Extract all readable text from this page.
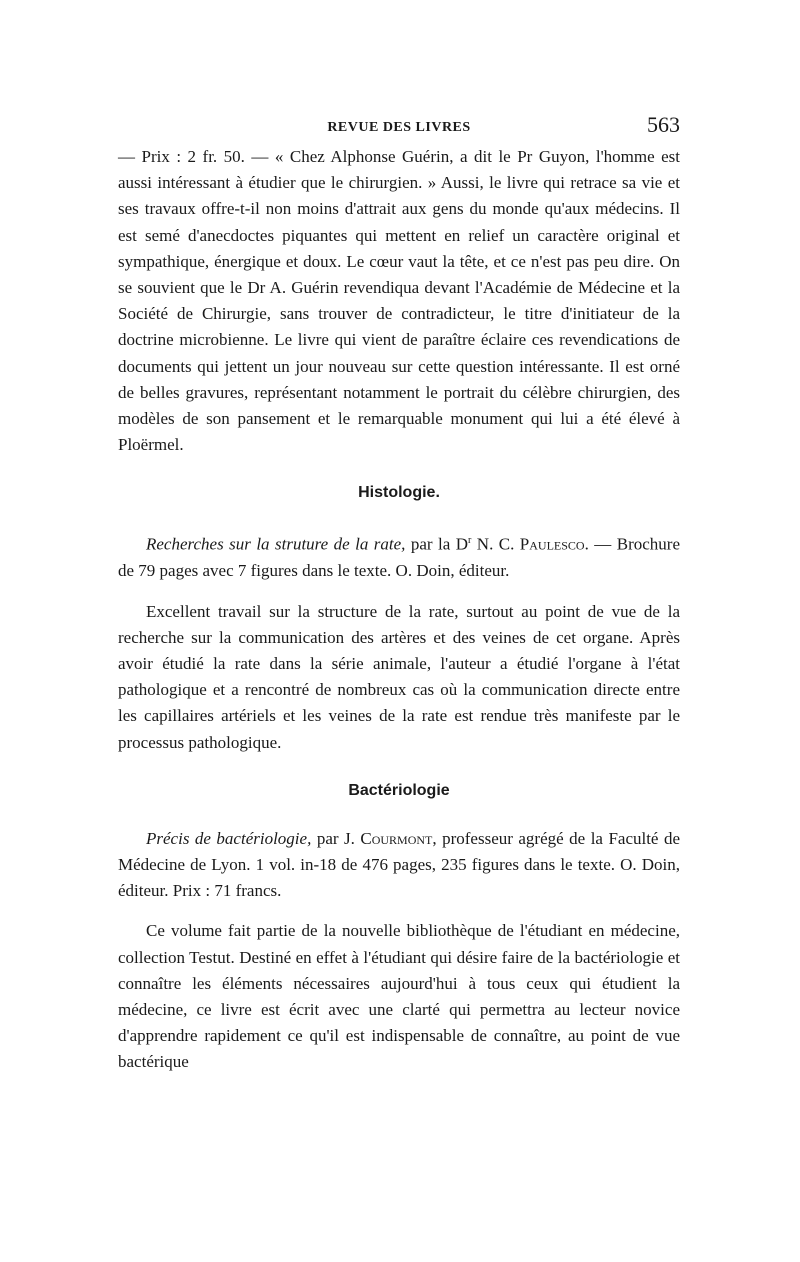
REVUE DES LIVRES	563

— Prix : 2 fr. 50. — « Chez Alphonse Guérin, a dit le Pr Guyon, l'homme est aussi intéressant à étudier que le chirurgien. » Aussi, le livre qui retrace sa vie et ses travaux offre-t-il non moins d'attrait aux gens du monde qu'aux médecins. Il est semé d'anecdoctes piquantes qui mettent en relief un caractère original et sympathique, énergique et doux. Le cœur vaut la tête, et ce n'est pas peu dire. On se souvient que le Dr A. Guérin revendiqua devant l'Académie de Médecine et la Société de Chirurgie, sans trouver de contradicteur, le titre d'initiateur de la doctrine microbienne. Le livre qui vient de paraître éclaire ces revendications de documents qui jettent un jour nouveau sur cette question intéressante. Il est orné de belles gravures, représentant notamment le portrait du célèbre chirurgien, des modèles de son pansement et le remarquable monument qui lui a été élevé à Ploërmel.

Histologie.

Recherches sur la struture de la rate, par la $D^r$ N. C. Paulesco. — Brochure de 79 pages avec 7 figures dans le texte. O. Doin, éditeur.

Excellent travail sur la structure de la rate, surtout au point de vue de la recherche sur la communication des artères et des veines de cet organe. Après avoir étudié la rate dans la série animale, l'auteur a étudié l'organe à l'état pathologique et a rencontré de nombreux cas où la communication directe entre les capillaires artériels et les veines de la rate est rendue très manifeste par le processus pathologique.

Bactériologie

Précis de bactériologie, par J. Courmont, professeur agrégé de la Faculté de Médecine de Lyon. 1 vol. in-18 de 476 pages, 235 figures dans le texte. O. Doin, éditeur. Prix : 71 francs.

Ce volume fait partie de la nouvelle bibliothèque de l'étudiant en médecine, collection Testut. Destiné en effet à l'étudiant qui désire faire de la bactériologie et connaître les éléments nécessaires aujourd'hui à tous ceux qui étudient la médecine, ce livre est écrit avec une clarté qui permettra au lecteur novice d'apprendre rapidement ce qu'il est indispensable de connaître, au point de vue bactérique
